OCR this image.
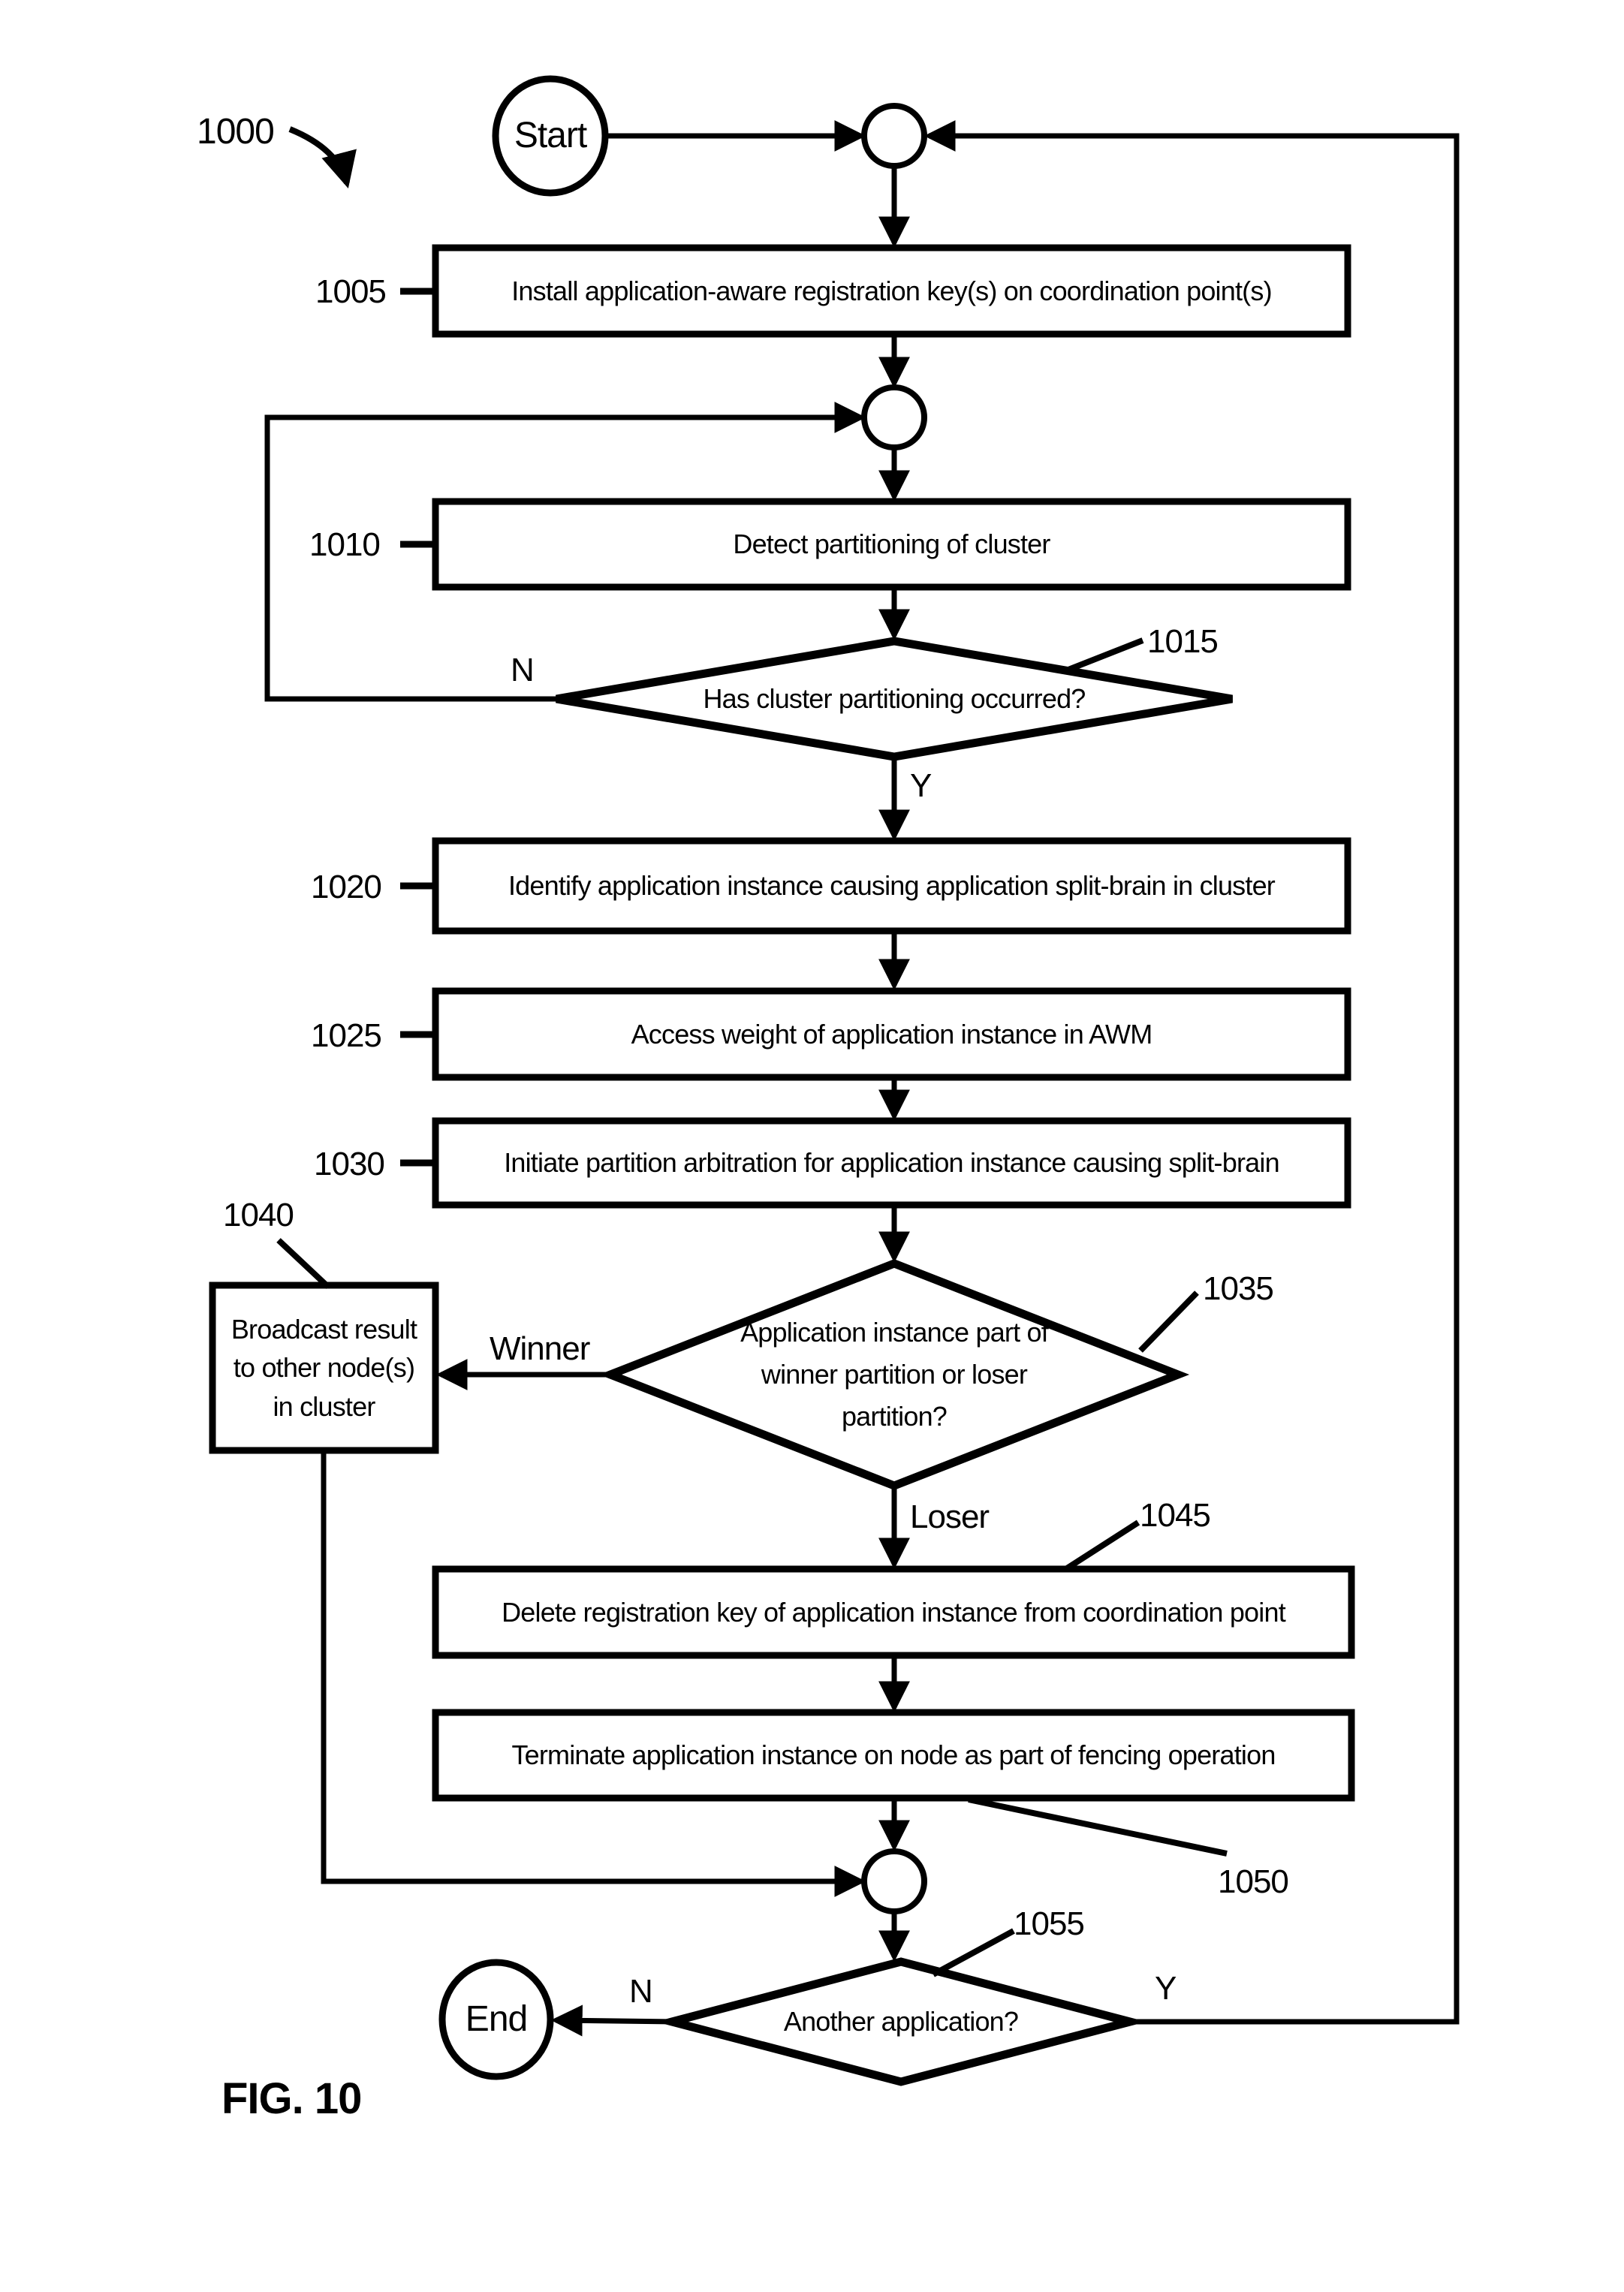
1000	Start
1005	Install application-aware registration key(s) on coordination point(s)
1010	Detect partitioning of cluster
1015
Has cluster partitioning occurred?
N
Y
1020	Identify application instance causing application split-brain in cluster
1025	Access weight of application instance in AWM
1030	Initiate partition arbitration for application instance causing split-brain
1040
Broadcast result
to other node(s)
in cluster
1035
Application instance part of
winner partition or loser
partition?
Winner
Loser	1045
Delete registration key of application instance from coordination point
Terminate application instance on node as part of fencing operation
1050
1055
Another application?
N	Y
End
FIG. 10
